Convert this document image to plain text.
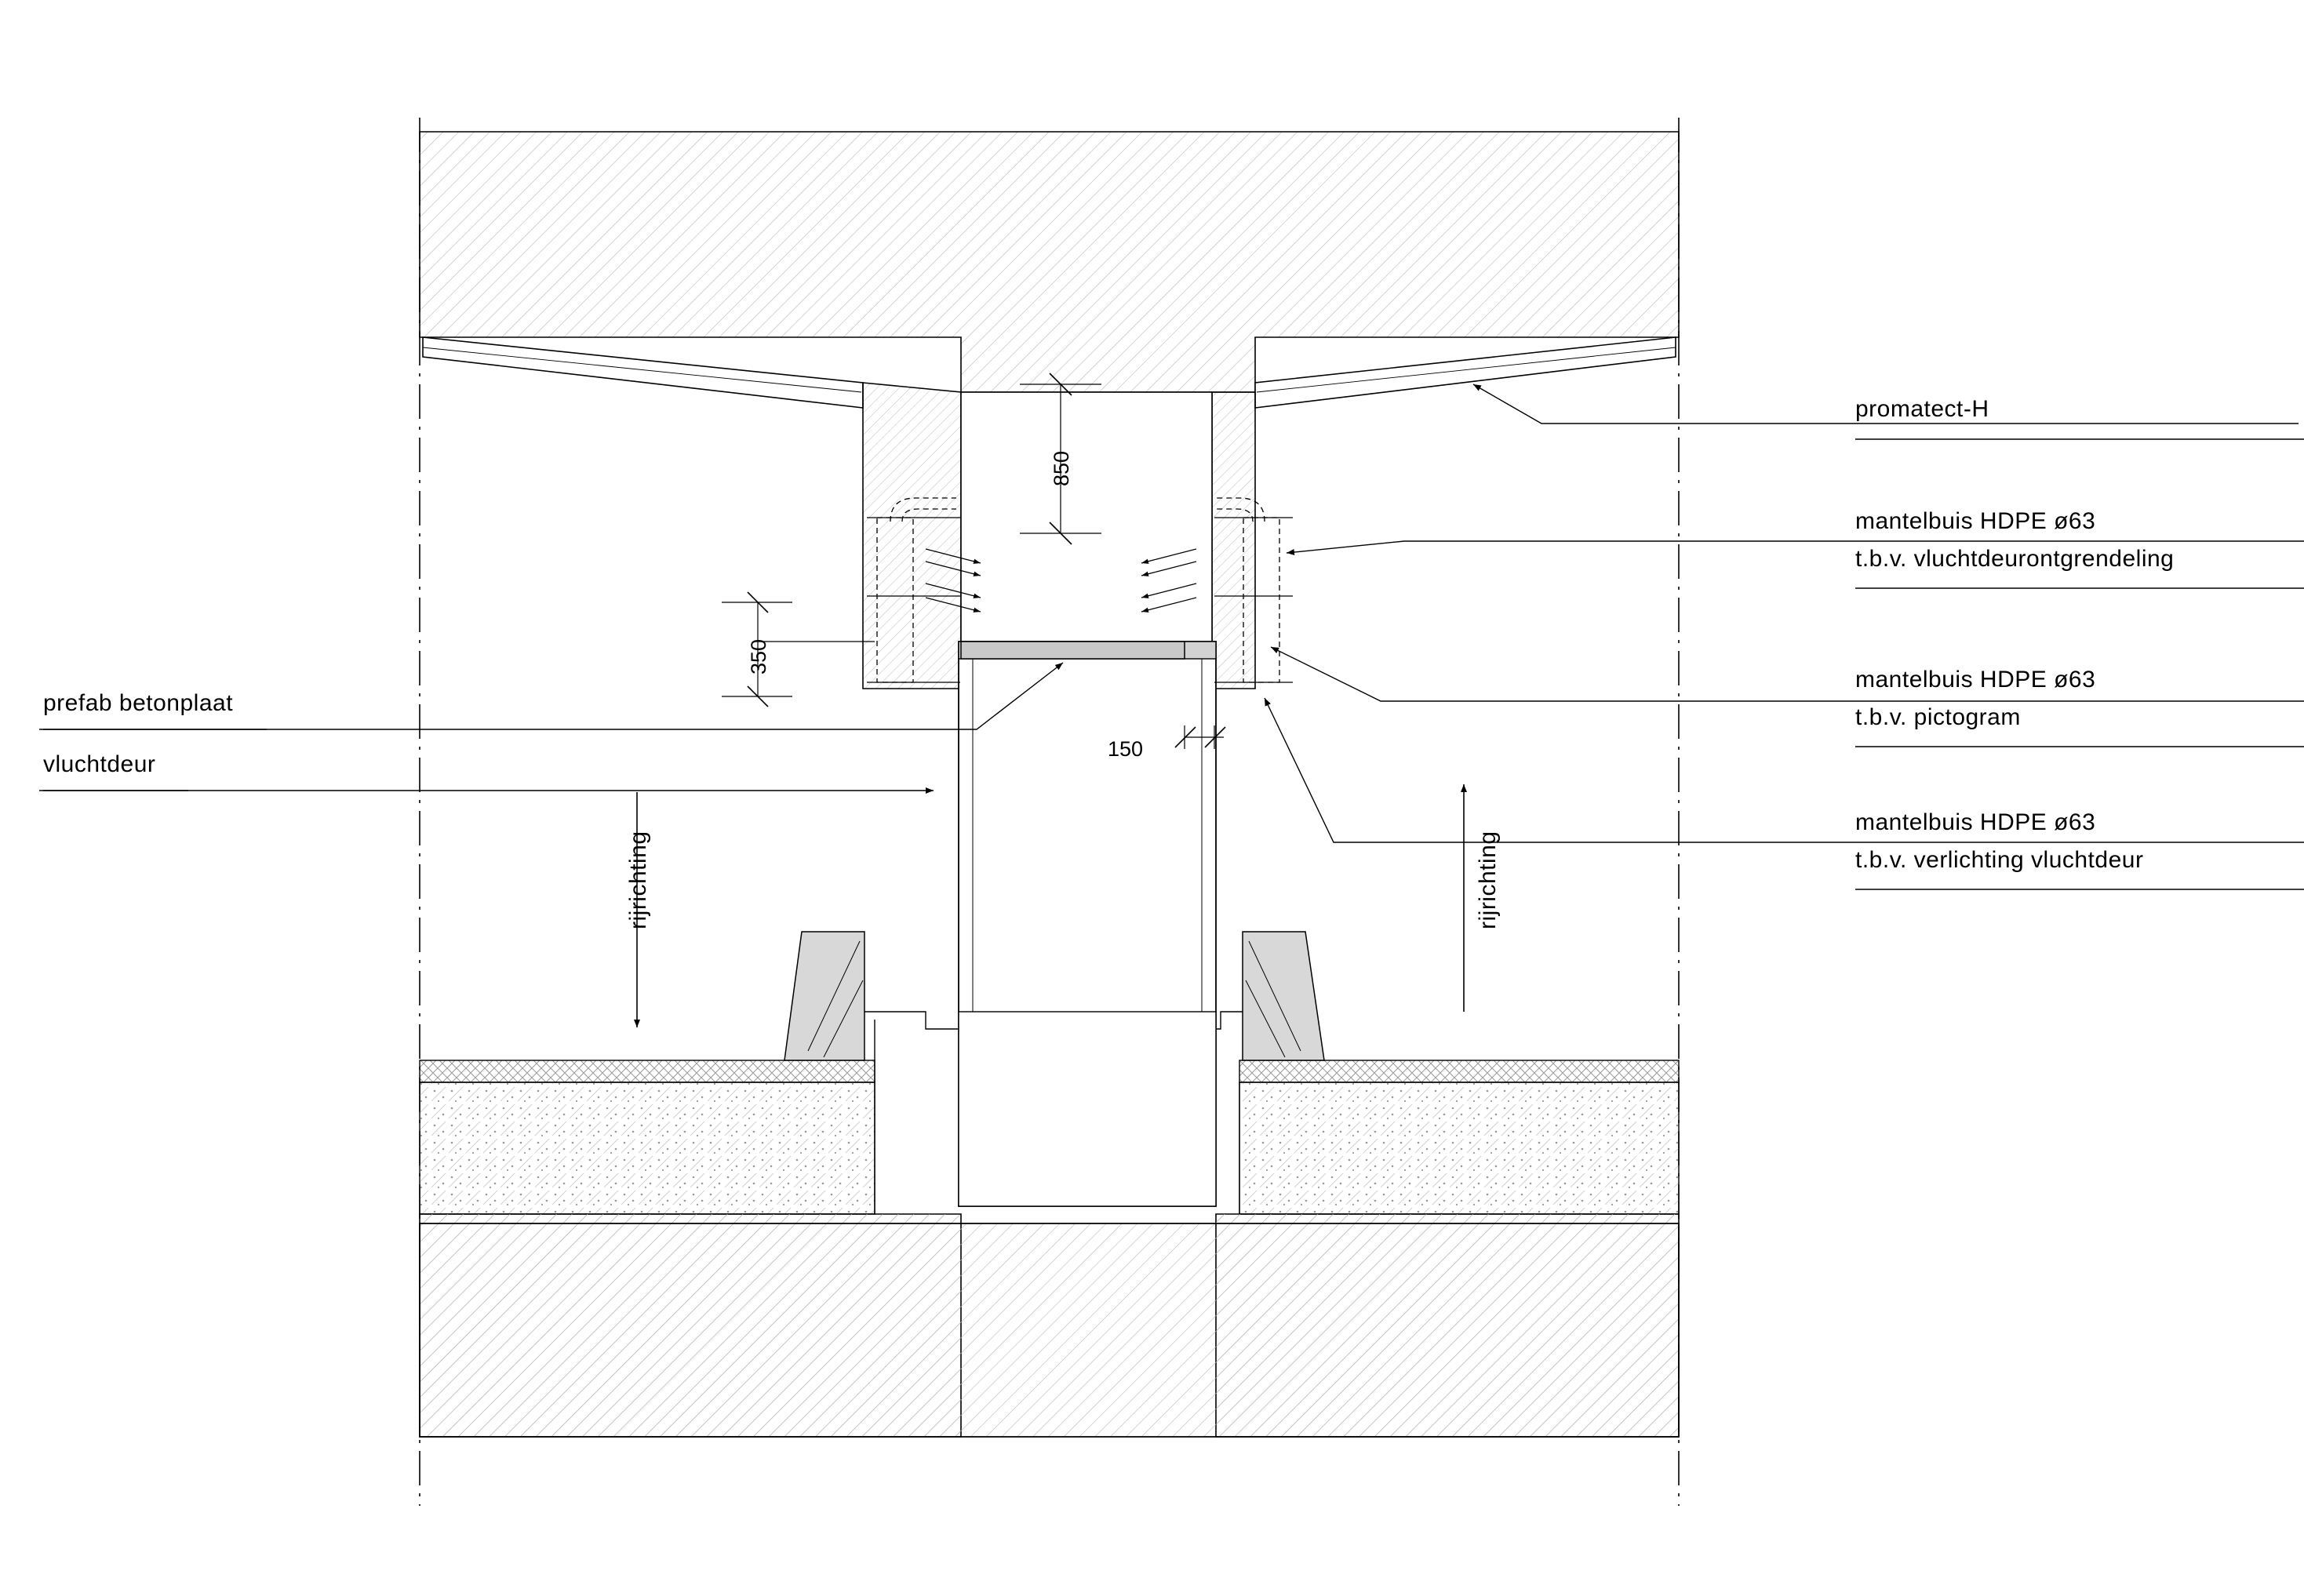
promatect-H
mantelbuis HDPE ø63
t.b.v. vluchtdeurontgrendeling
mantelbuis HDPE ø63
t.b.v. pictogram
mantelbuis HDPE ø63
t.b.v. verlichting vluchtdeur
prefab betonplaat
vluchtdeur
rijrichting	rijrichting
850
350
150
